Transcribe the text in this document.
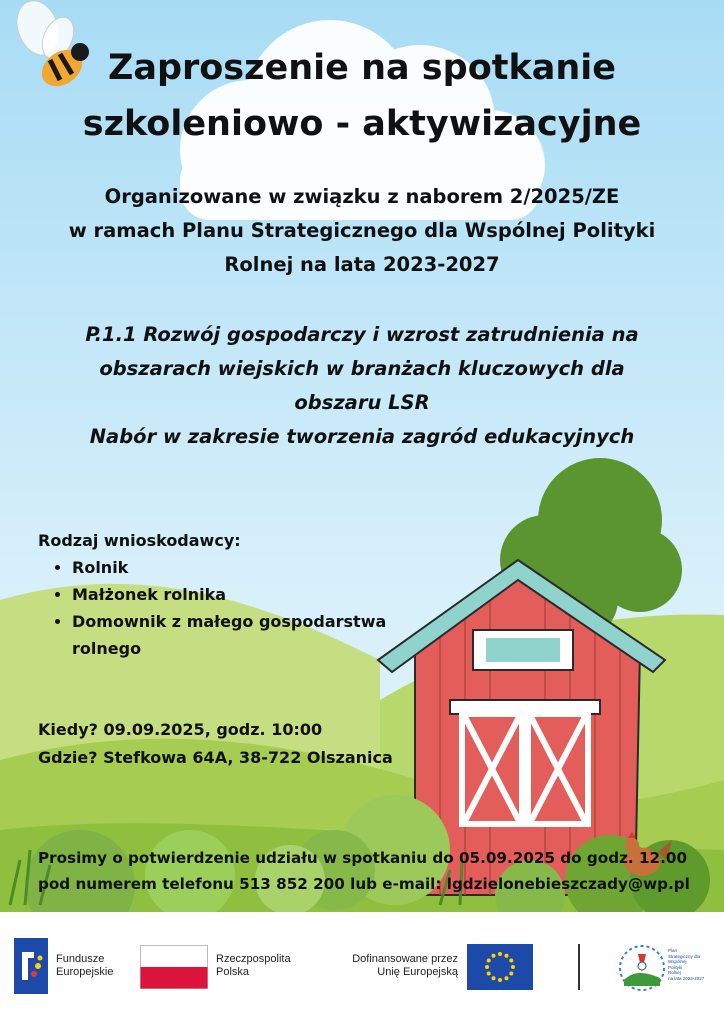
Zaproszenie na spotkanie
szkoleniowo - aktywizacyjne
Organizowane w związku z naborem 2/2025/ZE
w ramach Planu Strategicznego dla Wspólnej Polityki
Rolnej na lata 2023-2027
P.1.1 Rozwój gospodarczy i wzrost zatrudnienia na
obszarach wiejskich w branżach kluczowych dla
obszaru LSR
Nabór w zakresie tworzenia zagród edukacyjnych
Rodzaj wnioskodawcy:
• Rolnik
• Małżonek rolnika
• Domownik z małego gospodarstwa rolnego
Kiedy? 09.09.2025, godz. 10:00
Gdzie? Stefkowa 64A, 38-722 Olszanica
Prosimy o potwierdzenie udziału w spotkaniu do 05.09.2025 do godz. 12.00
pod numerem telefonu 513 852 200 lub e-mail: lgdzielonebieszczady@wp.pl
Fundusze
Europejskie
Rzeczpospolita
Polska
Dofinansowane przez
Unię Europejską
Plan
Strategiczny dla
Wspólnej
Polityki
Rolnej
na lata 2023-2027
